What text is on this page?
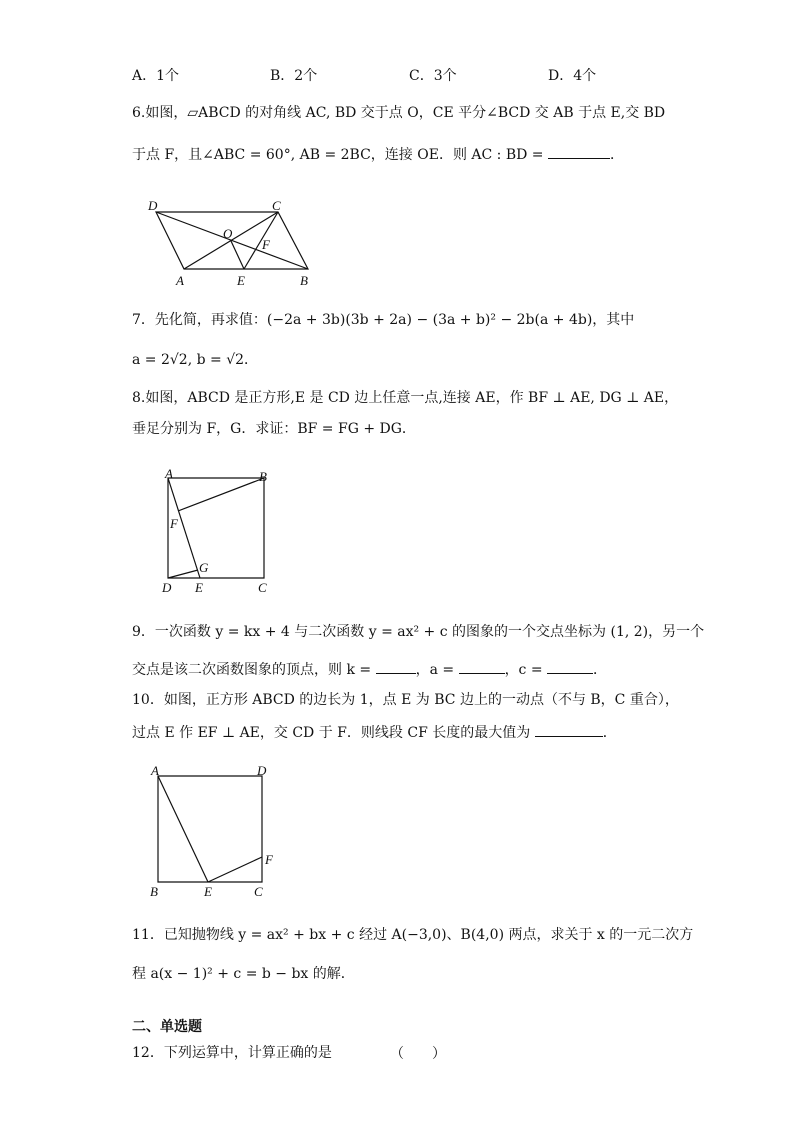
A．1个	B．2个	C．3个	D．4个
6.如图，▱ABCD 的对角线 AC, BD 交于点 O，CE 平分∠BCD 交 AB 于点 E,交 BD
于点 F，且∠ABC = 60°, AB = 2BC，连接 OE．则 AC : BD =	．
D	C
O
F
A	E	B
7．先化简，再求值：(−2a + 3b)(3b + 2a) − (3a + b)² − 2b(a + 4b)，其中
a = 2√2, b = √2．
8.如图，ABCD 是正方形,E 是 CD 边上任意一点,连接 AE，作 BF ⊥ AE, DG ⊥ AE，
垂足分别为 F，G．求证：BF = FG + DG．
A	B
F
G
D E	C
9．一次函数 y = kx + 4 与二次函数 y = ax² + c 的图象的一个交点坐标为 (1, 2)，另一个
交点是该二次函数图象的顶点，则 k =	，a =	，c =	．
10．如图，正方形 ABCD 的边长为 1，点 E 为 BC 边上的一动点（不与 B，C 重合），
过点 E 作 EF ⊥ AE，交 CD 于 F．则线段 CF 长度的最大值为	．
A	D
F
B	E	C
11．已知抛物线 y = ax² + bx + c 经过 A(−3,0)、B(4,0) 两点，求关于 x 的一元二次方
程 a(x − 1)² + c = b − bx 的解．
二、单选题
12．下列运算中，计算正确的是	（　　）
